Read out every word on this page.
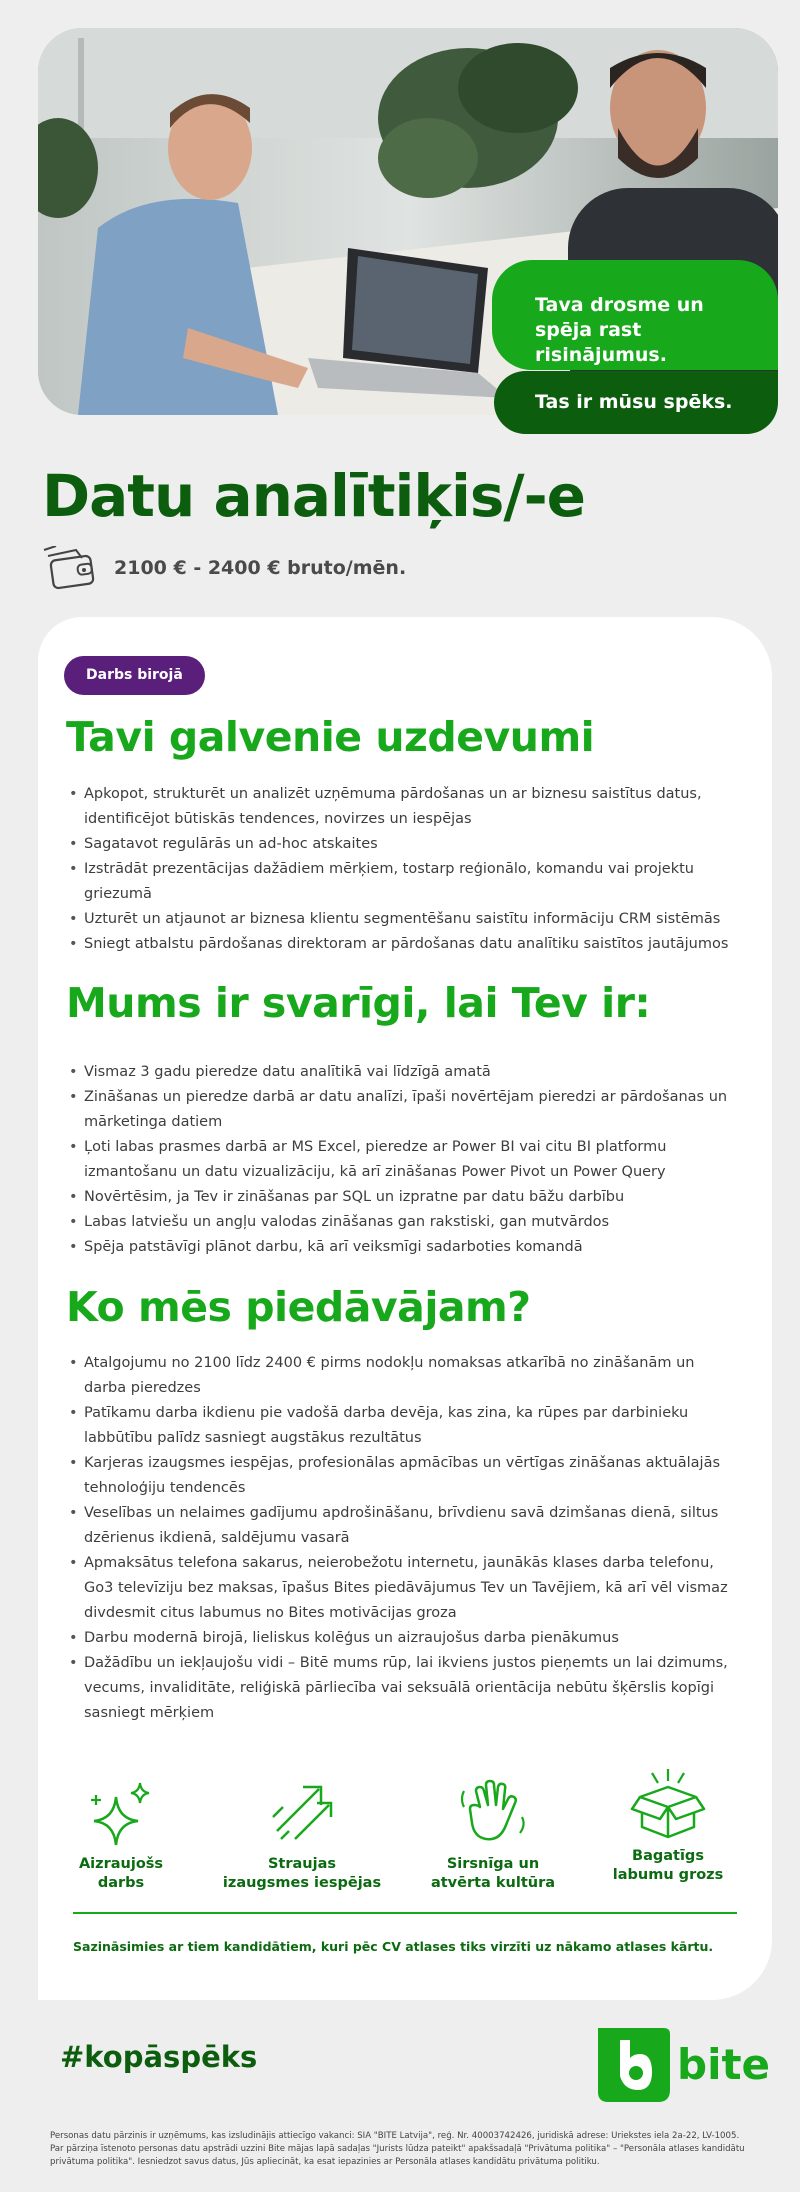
Tava drosme un spēja rast risinājumus.
Tas ir mūsu spēks.
Datu analītiķis/-e
2100 € - 2400 € bruto/mēn.
Darbs birojā
Tavi galvenie uzdevumi
• Apkopot, strukturēt un analizēt uzņēmuma pārdošanas un ar biznesu saistītus datus, identificējot būtiskās tendences, novirzes un iespējas
• Sagatavot regulārās un ad-hoc atskaites
• Izstrādāt prezentācijas dažādiem mērķiem, tostarp reģionālo, komandu vai projektu griezumā
• Uzturēt un atjaunot ar biznesa klientu segmentēšanu saistītu informāciju CRM sistēmās
• Sniegt atbalstu pārdošanas direktoram ar pārdošanas datu analītiku saistītos jautājumos
Mums ir svarīgi, lai Tev ir:
• Vismaz 3 gadu pieredze datu analītikā vai līdzīgā amatā
• Zināšanas un pieredze darbā ar datu analīzi, īpaši novērtējam pieredzi ar pārdošanas un mārketinga datiem
• Ļoti labas prasmes darbā ar MS Excel, pieredze ar Power BI vai citu BI platformu izmantošanu un datu vizualizāciju, kā arī zināšanas Power Pivot un Power Query
• Novērtēsim, ja Tev ir zināšanas par SQL un izpratne par datu bāžu darbību
• Labas latviešu un angļu valodas zināšanas gan rakstiski, gan mutvārdos
• Spēja patstāvīgi plānot darbu, kā arī veiksmīgi sadarboties komandā
Ko mēs piedāvājam?
• Atalgojumu no 2100 līdz 2400 € pirms nodokļu nomaksas atkarībā no zināšanām un darba pieredzes
• Patīkamu darba ikdienu pie vadošā darba devēja, kas zina, ka rūpes par darbinieku labbūtību palīdz sasniegt augstākus rezultātus
• Karjeras izaugsmes iespējas, profesionālas apmācības un vērtīgas zināšanas aktuālajās tehnoloģiju tendencēs
• Veselības un nelaimes gadījumu apdrošināšanu, brīvdienu savā dzimšanas dienā, siltus dzērienus ikdienā, saldējumu vasarā
• Apmaksātus telefona sakarus, neierobežotu internetu, jaunākās klases darba telefonu, Go3 televīziju bez maksas, īpašus Bites piedāvājumus Tev un Tavējiem, kā arī vēl vismaz divdesmit citus labumus no Bites motivācijas groza
• Darbu modernā birojā, lieliskus kolēģus un aizraujošus darba pienākumus
• Dažādību un iekļaujošu vidi – Bitē mums rūp, lai ikviens justos pieņemts un lai dzimums, vecums, invaliditāte, reliģiskā pārliecība vai seksuālā orientācija nebūtu šķērslis kopīgi sasniegt mērķiem
Aizraujošs
darbs
Straujas
izaugsmes iespējas
Sirsnīga un
atvērta kultūra
Bagatīgs
labumu grozs
Sazināsimies ar tiem kandidātiem, kuri pēc CV atlases tiks virzīti uz nākamo atlases kārtu.
#kopāspēks	bite
Personas datu pārzinis ir uzņēmums, kas izsludinājis attiecīgo vakanci: SIA "BITE Latvija", reģ. Nr. 40003742426, juridiskā adrese: Uriekstes iela 2a-22, LV-1005. Par pārziņa īstenoto personas datu apstrādi uzzini Bite mājas lapā sadaļas "Jurists lūdza pateikt" apakšsadaļā "Privātuma politika" – "Personāla atlases kandidātu privātuma politika". Iesniedzot savus datus, Jūs apliecināt, ka esat iepazinies ar Personāla atlases kandidātu privātuma politiku.
